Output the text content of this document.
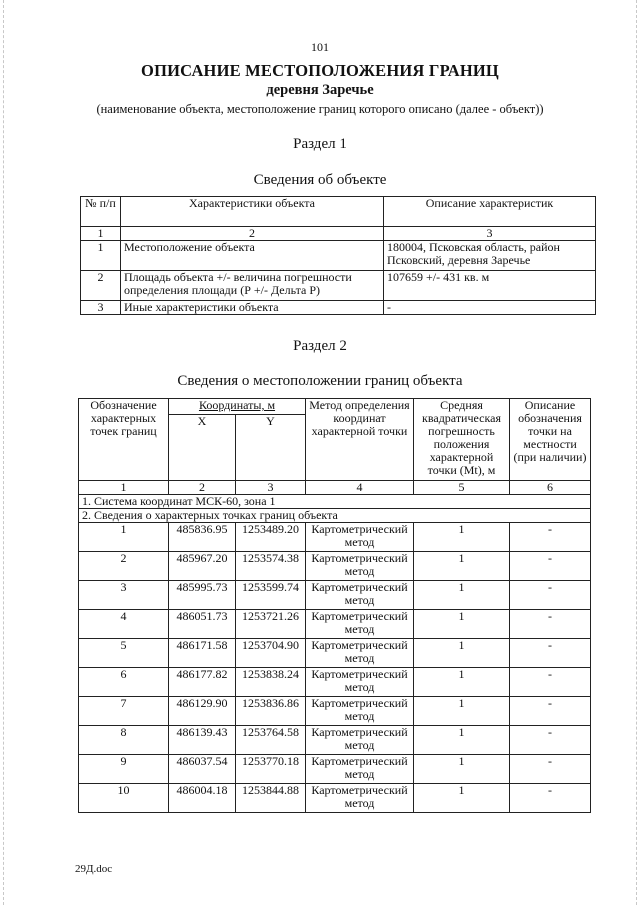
101
ОПИСАНИЕ МЕСТОПОЛОЖЕНИЯ ГРАНИЦ
деревня Заречье
(наименование объекта, местоположение границ которого описано (далее - объект))
Раздел 1
Сведения об объекте
№ п/п	Характеристики объекта	Описание характеристик
1	2	3
1	Местоположение объекта	180004, Псковская область, район Псковский, деревня Заречье
2	Площадь объекта +/- величина погрешности определения площади (Р +/- Дельта Р)	107659 +/- 431 кв. м
3	Иные характеристики объекта	-
Раздел 2
Сведения о местоположении границ объекта
Обозначение характерных точек границ	Координаты, м		Метод определения координат характерной точки	Средняя квадратическая погрешность положения характерной точки (Mt), м	Описание обозначения точки на местности (при наличии)
	X	Y			
1	2	3	4	5	6
1. Система координат МСК-60, зона 1					
2. Сведения о характерных точках границ объекта					
1	485836.95	1253489.20	Картометрический метод	1	-
2	485967.20	1253574.38	Картометрический метод	1	-
3	485995.73	1253599.74	Картометрический метод	1	-
4	486051.73	1253721.26	Картометрический метод	1	-
5	486171.58	1253704.90	Картометрический метод	1	-
6	486177.82	1253838.24	Картометрический метод	1	-
7	486129.90	1253836.86	Картометрический метод	1	-
8	486139.43	1253764.58	Картометрический метод	1	-
9	486037.54	1253770.18	Картометрический метод	1	-
10	486004.18	1253844.88	Картометрический метод	1	-
29Д.doc
